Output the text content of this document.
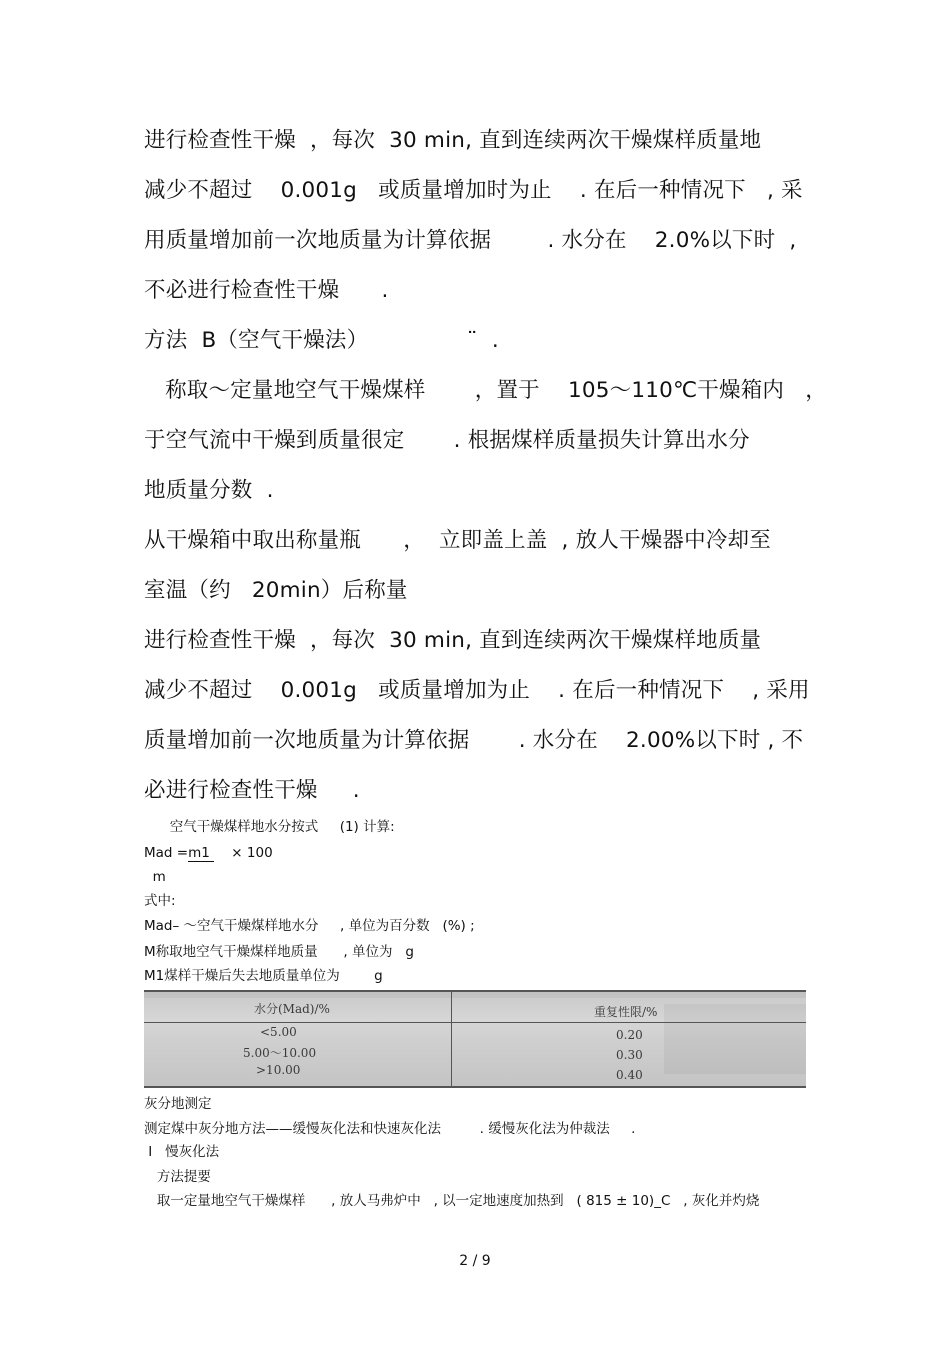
进行检查性干燥  ，每次  30 min, 直到连续两次干燥煤样质量地

减少不超过    0.001g   或质量增加时为止    . 在后一种情况下   , 采

用质量增加前一次地质量为计算依据        . 水分在    2.0%以下时  ,

不必进行检查性干燥      .

方法  B（空气干燥法）              ¨  .

称取～定量地空气干燥煤样       ，置于    105～110℃干燥箱内   ，

于空气流中干燥到质量很定       . 根据煤样质量损失计算出水分

地质量分数  .

从干燥箱中取出称量瓶      ，  立即盖上盖  , 放人干燥器中冷却至

室温（约   20min）后称量

进行检查性干燥  ，每次  30 min, 直到连续两次干燥煤样地质量

减少不超过    0.001g   或质量增加为止    . 在后一种情况下    , 采用

质量增加前一次地质量为计算依据       . 水分在    2.00%以下时 , 不

必进行检查性干燥     .

空气干燥煤样地水分按式     (1) 计算:

Mad =m1     × 100

m

式中:

Mad– ～空气干燥煤样地水分     , 单位为百分数   (%) ;

M称取地空气干燥煤样地质量      , 单位为   g

M1煤样干燥后失去地质量单位为        g

水分(Mad)/%	重复性限/%
<5.00
5.00～10.00
>10.00
0.20
0.30
0.40

灰分地测定

测定煤中灰分地方法——缓慢灰化法和快速灰化法         . 缓慢灰化法为仲裁法     .

Ⅰ   慢灰化法

方法提要

取一定量地空气干燥煤样      , 放人马弗炉中   , 以一定地速度加热到   ( 815 ± 10)_C   , 灰化并灼烧

2 / 9
